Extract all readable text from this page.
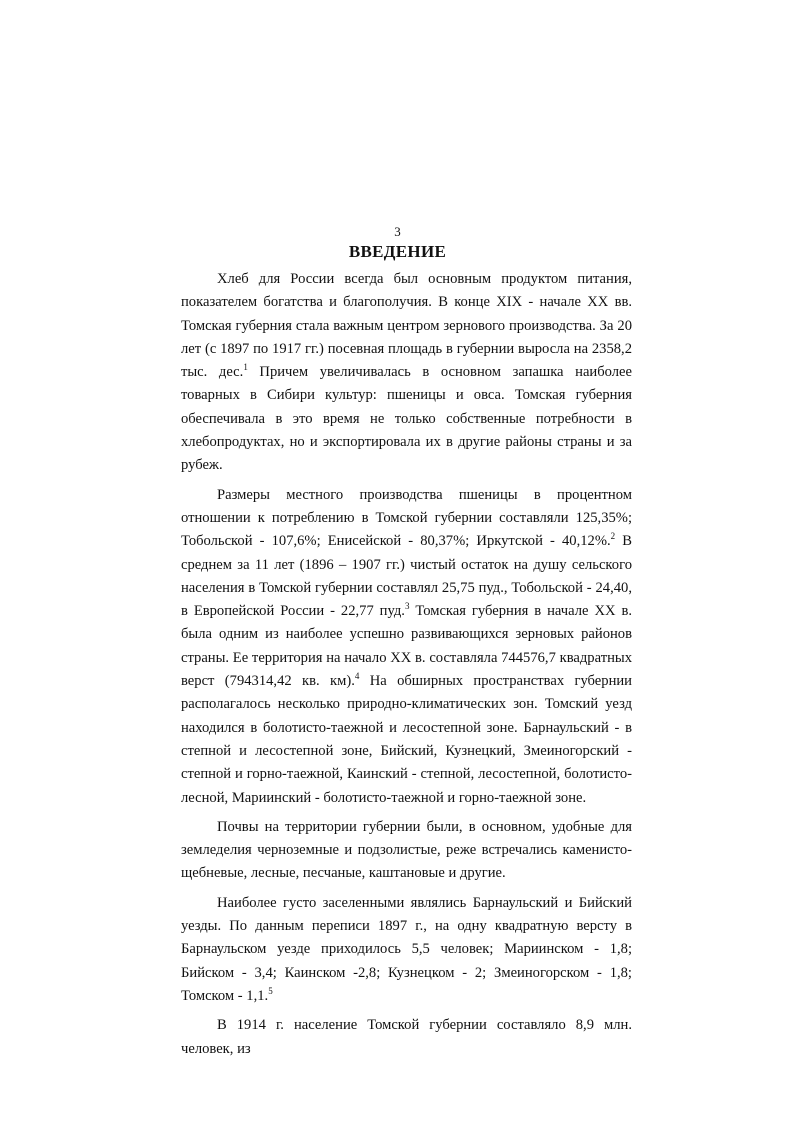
3
ВВЕДЕНИЕ

Хлеб для России всегда был основным продуктом питания, показателем богатства и благополучия. В конце XIX - начале XX вв. Томская губерния стала важным центром зернового производства. За 20 лет (с 1897 по 1917 гг.) посевная площадь в губернии выросла на 2358,2 тыс. дес.$^1$ Причем увеличивалась в основном запашка наиболее товарных в Сибири культур: пшеницы и овса. Томская губерния обеспечивала в это время не только собственные потребности в хлебопродуктах, но и экспортировала их в другие районы страны и за рубеж.

Размеры местного производства пшеницы в процентном отношении к потреблению в Томской губернии составляли 125,35%; Тобольской - 107,6%; Енисейской - 80,37%; Иркутской - 40,12%.$^2$ В среднем за 11 лет (1896 – 1907 гг.) чистый остаток на душу сельского населения в Томской губернии составлял 25,75 пуд., Тобольской - 24,40, в Европейской России - 22,77 пуд.$^3$ Томская губерния в начале XX в. была одним из наиболее успешно развивающихся зерновых районов страны. Ее территория на начало XX в. составляла 744576,7 квадратных верст (794314,42 кв. км).$^4$ На обширных пространствах губернии располагалось несколько природно-климатических зон. Томский уезд находился в болотисто-таежной и лесостепной зоне. Барнаульский - в степной и лесостепной зоне, Бийский, Кузнецкий, Змеиногорский - степной и горно-таежной, Каинский - степной, лесостепной, болотисто-лесной, Мариинский - болотисто-таежной и горно-таежной зоне.

Почвы на территории губернии были, в основном, удобные для земледелия черноземные и подзолистые, реже встречались каменисто-щебневые, лесные, песчаные, каштановые и другие.

Наиболее густо заселенными являлись Барнаульский и Бийский уезды. По данным переписи 1897 г., на одну квадратную версту в Барнаульском уезде приходилось 5,5 человек; Мариинском - 1,8; Бийском - 3,4; Каинском -2,8; Кузнецком - 2; Змеиногорском - 1,8; Томском - 1,1.$^5$

В 1914 г. население Томской губернии составляло 8,9 млн. человек, из
